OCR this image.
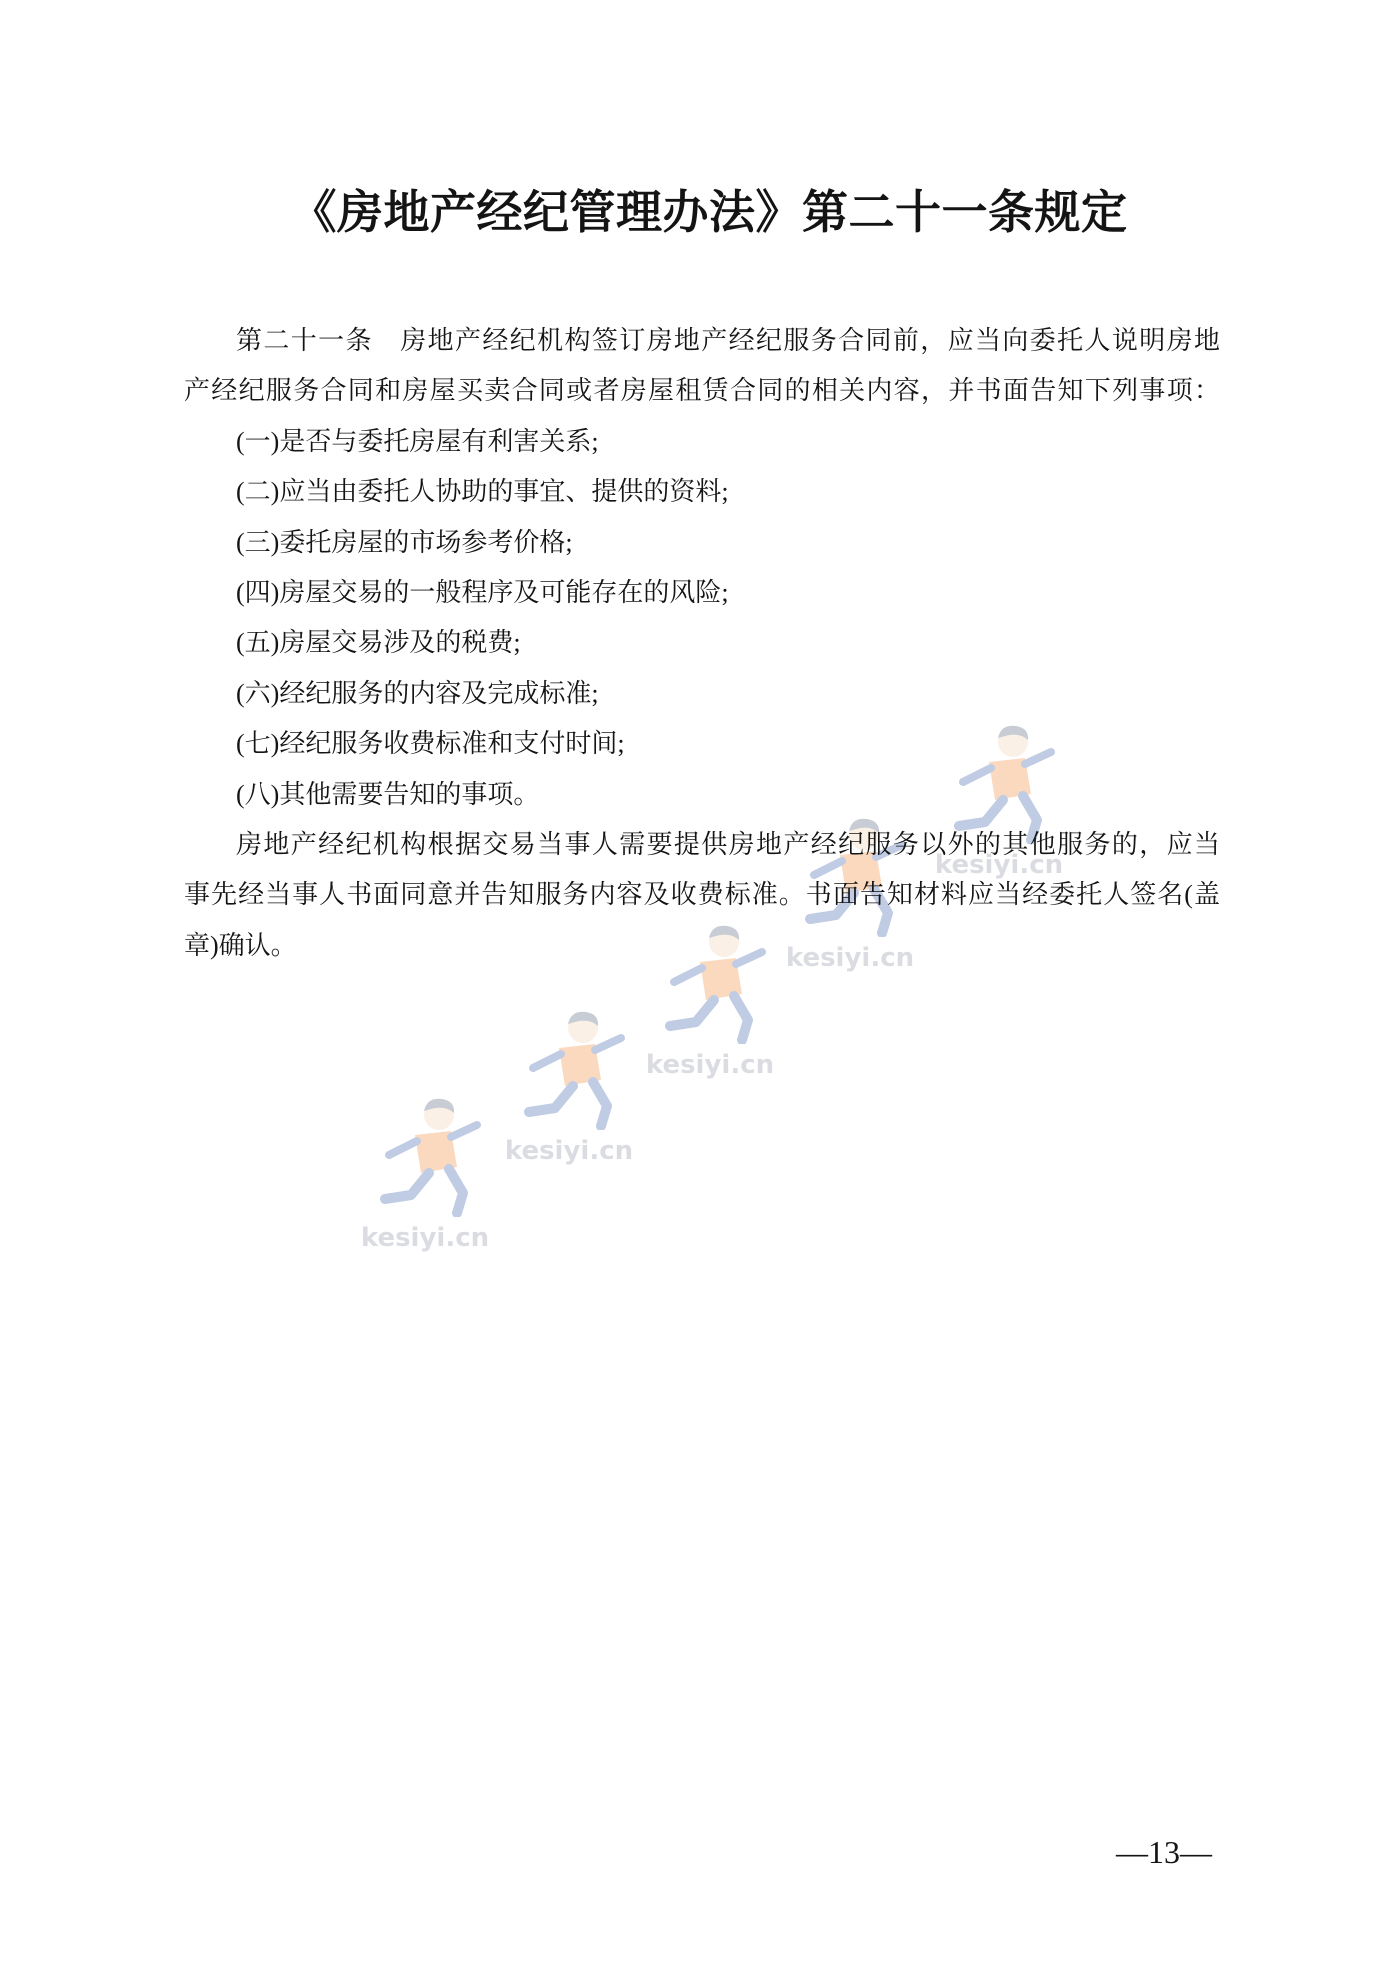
kesiyi.cn
kesiyi.cn
kesiyi.cn
kesiyi.cn
kesiyi.cn
《房地产经纪管理办法》第二十一条规定
第二十一条　房地产经纪机构签订房地产经纪服务合同前，应当向委托人说明房地
产经纪服务合同和房屋买卖合同或者房屋租赁合同的相关内容，并书面告知下列事项：
(一)是否与委托房屋有利害关系;
(二)应当由委托人协助的事宜、提供的资料;
(三)委托房屋的市场参考价格;
(四)房屋交易的一般程序及可能存在的风险;
(五)房屋交易涉及的税费;
(六)经纪服务的内容及完成标准;
(七)经纪服务收费标准和支付时间;
(八)其他需要告知的事项。
房地产经纪机构根据交易当事人需要提供房地产经纪服务以外的其他服务的，应当
事先经当事人书面同意并告知服务内容及收费标准。书面告知材料应当经委托人签名(盖
章)确认。
—13—
